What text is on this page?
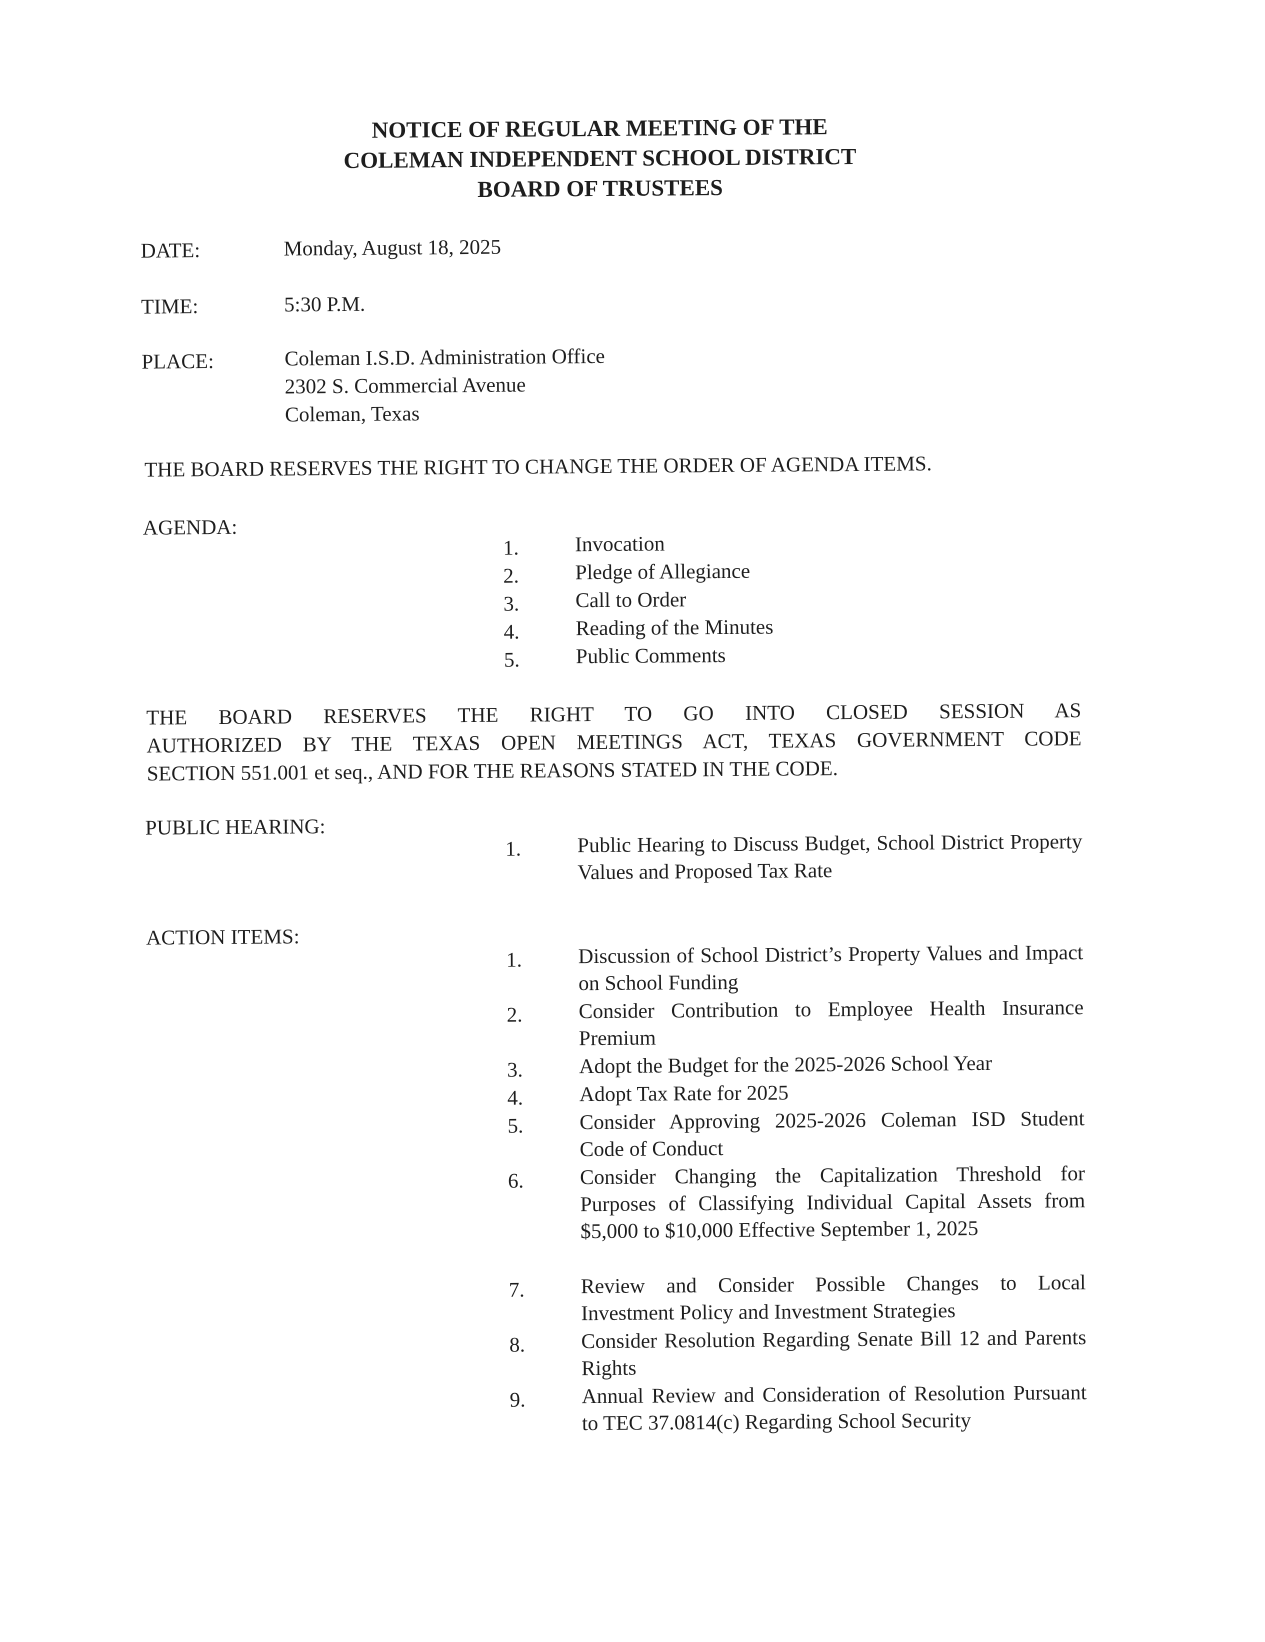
NOTICE OF REGULAR MEETING OF THE
COLEMAN INDEPENDENT SCHOOL DISTRICT
BOARD OF TRUSTEES
DATE:	Monday, August 18, 2025
TIME:	5:30 P.M.
PLACE:	Coleman I.S.D. Administration Office
2302 S. Commercial Avenue
Coleman, Texas
THE BOARD RESERVES THE RIGHT TO CHANGE THE ORDER OF AGENDA ITEMS.
AGENDA:
1.	Invocation
2.	Pledge of Allegiance
3.	Call to Order
4.	Reading of the Minutes
5.	Public Comments
THE BOARD RESERVES THE RIGHT TO GO INTO CLOSED SESSION AS
AUTHORIZED BY THE TEXAS OPEN MEETINGS ACT, TEXAS GOVERNMENT CODE
SECTION 551.001 et seq., AND FOR THE REASONS STATED IN THE CODE.
PUBLIC HEARING:
1.	Public Hearing to Discuss Budget, School District Property Values and Proposed Tax Rate
ACTION ITEMS:
1.	Discussion of School District’s Property Values and Impact on School Funding
2.	Consider Contribution to Employee Health Insurance Premium
3.	Adopt the Budget for the 2025-2026 School Year
4.	Adopt Tax Rate for 2025
5.	Consider Approving 2025-2026 Coleman ISD Student Code of Conduct
6.	Consider Changing the Capitalization Threshold for Purposes of Classifying Individual Capital Assets from $5,000 to $10,000 Effective September 1, 2025
7.	Review and Consider Possible Changes to Local Investment Policy and Investment Strategies
8.	Consider Resolution Regarding Senate Bill 12 and Parents Rights
9.	Annual Review and Consideration of Resolution Pursuant to TEC 37.0814(c) Regarding School Security
